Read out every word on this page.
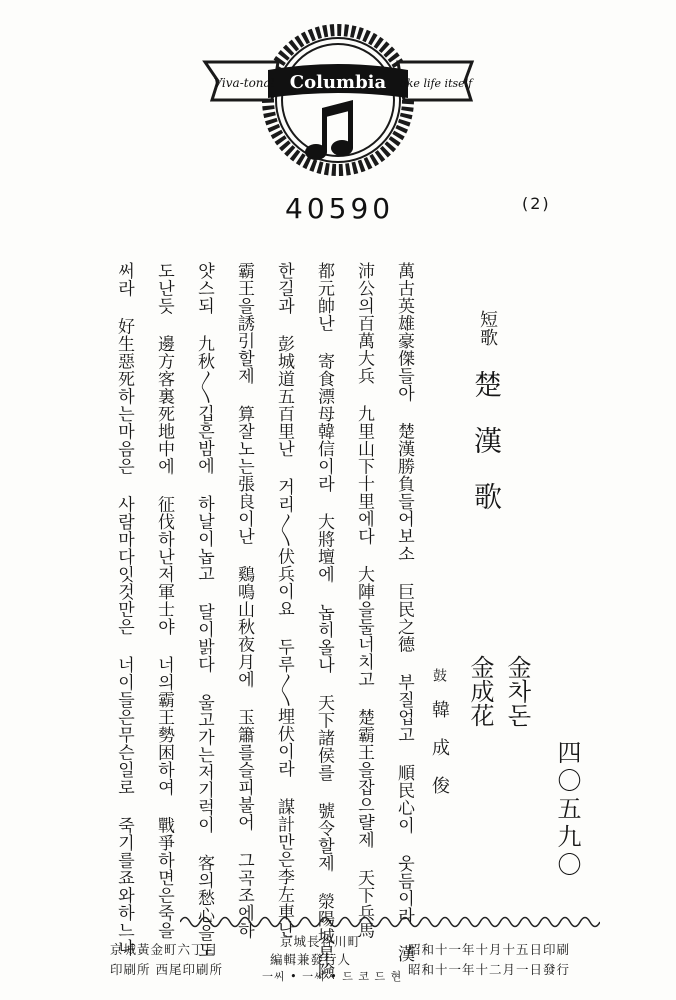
Viva-tonal Columbia like life itself
40590	(2)
四〇五九〇
金차돈
金成花
鼓
韓成俊
短歌
楚漢歌
萬古英雄豪傑들아 楚漢勝負들어보소 巨民之德 부질업고 順民心이 웃듬이라 漢
沛公의百萬大兵 九里山下十里에다 大陣을둘너치고 楚霸王을잡으랼제 天下兵馬
都元帥난 寄食漂母韓信이라 大將壇에 놉히올나 天下諸侯를 號令할제 滎陽城星險
한길과 彭城道五百里난 거리〳〵伏兵이요 두루〳〵埋伏이라 謀計만은李左車난
霸王을誘引할제 算잘노는張良이난 鷄鳴山秋夜月에 玉簫를슬피불어 그곡조에하
얏스되 九秋〳〵깁흔밤에 하날이놉고 달이밝다 울고가는저기럭이 客의愁心을도
도난듯 邊方客裏死地中에 征伐하난저軍士야 너의霸王勢困하여 戰爭하면은죽을
써라 好生惡死하는마음은 사람마다잇것만은 너이들은무슨일로 죽기를죠와하느냐	昭和十一年十月十五日印刷
昭和十一年十二月一日發行
京城長谷川町
編輯兼發行人
一씨 • 一씨 • 드 코 드 현
京城黃金町六丁目
印刷所 西尾印刷所
